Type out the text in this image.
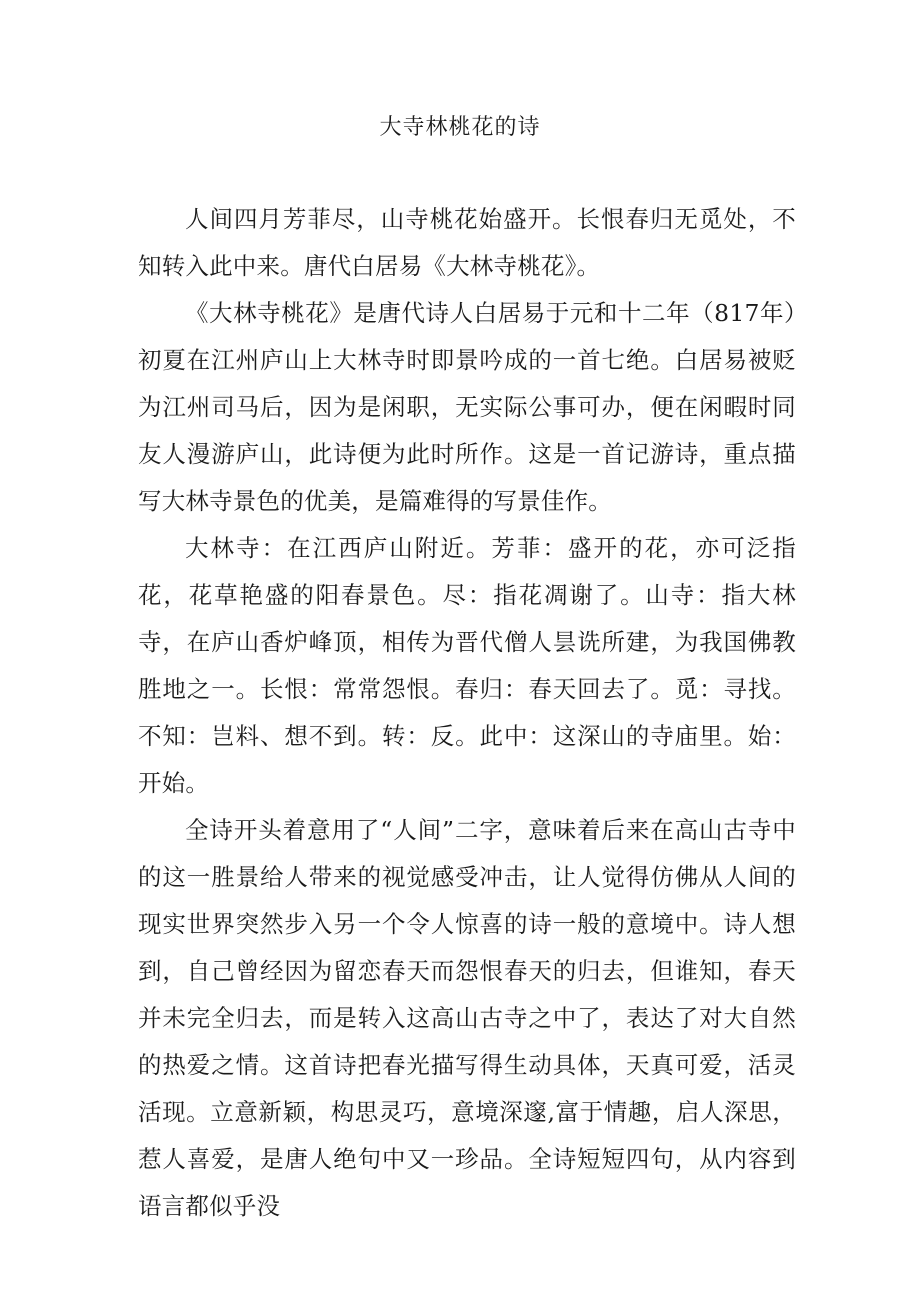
大寺林桃花的诗

人间四月芳菲尽，山寺桃花始盛开。长恨春归无觅处，不知转入此中来。唐代白居易《大林寺桃花》。

《大林寺桃花》是唐代诗人白居易于元和十二年（817年）初夏在江州庐山上大林寺时即景吟成的一首七绝。白居易被贬为江州司马后，因为是闲职，无实际公事可办，便在闲暇时同友人漫游庐山，此诗便为此时所作。这是一首记游诗，重点描写大林寺景色的优美，是篇难得的写景佳作。

大林寺：在江西庐山附近。芳菲：盛开的花，亦可泛指花，花草艳盛的阳春景色。尽：指花凋谢了。山寺：指大林寺，在庐山香炉峰顶，相传为晋代僧人昙诜所建，为我国佛教胜地之一。长恨：常常怨恨。春归：春天回去了。觅：寻找。不知：岂料、想不到。转：反。此中：这深山的寺庙里。始：开始。

全诗开头着意用了“人间”二字，意味着后来在高山古寺中的这一胜景给人带来的视觉感受冲击，让人觉得仿佛从人间的现实世界突然步入另一个令人惊喜的诗一般的意境中。诗人想到，自己曾经因为留恋春天而怨恨春天的归去，但谁知，春天并未完全归去，而是转入这高山古寺之中了，表达了对大自然的热爱之情。这首诗把春光描写得生动具体，天真可爱，活灵活现。立意新颖，构思灵巧，意境深邃,富于情趣，启人深思，惹人喜爱，是唐人绝句中又一珍品。全诗短短四句，从内容到语言都似乎没
